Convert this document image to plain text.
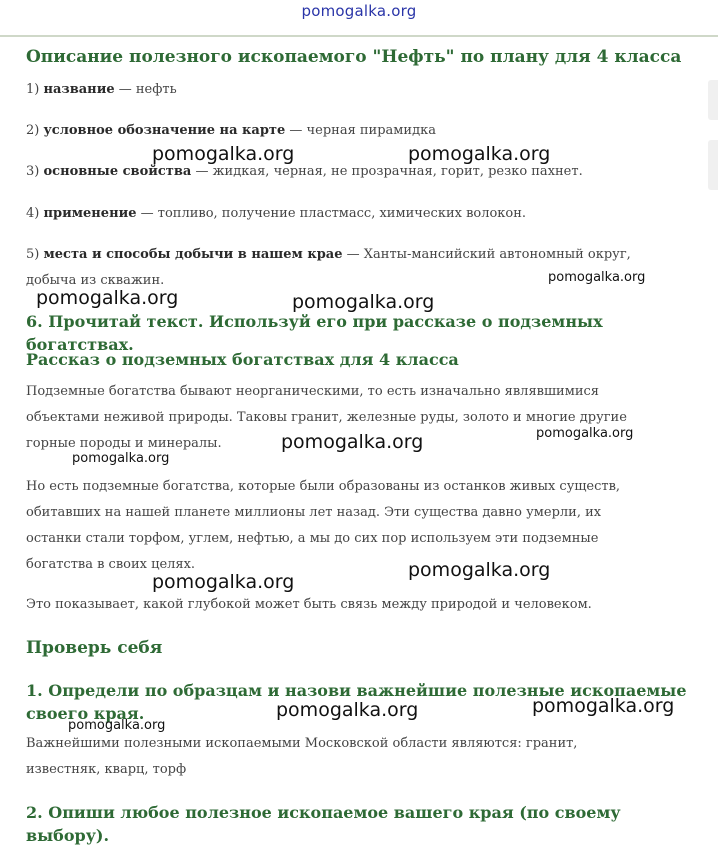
pomogalka.org
Описание полезного ископаемого "Нефть" по плану для 4 класса

1) название — нефть

2) условное обозначение на карте — черная пирамидка

3) основные свойства — жидкая, черная, не прозрачная, горит, резко пахнет.

4) применение — топливо, получение пластмасс, химических волокон.

5) места и способы добычи в нашем крае — Ханты-мансийский автономный округ,
добыча из скважин.

6. Прочитай текст. Используй его при рассказе о подземных богатствах.
Рассказ о подземных богатствах для 4 класса

Подземные богатства бывают неорганическими, то есть изначально являвшимися

объектами неживой природы. Таковы гранит, железные руды, золото и многие другие

горные породы и минералы.

Но есть подземные богатства, которые были образованы из останков живых существ,

обитавших на нашей планете миллионы лет назад. Эти существа давно умерли, их

останки стали торфом, углем, нефтью, а мы до сих пор используем эти подземные

богатства в своих целях.

Это показывает, какой глубокой может быть связь между природой и человеком.

Проверь себя
1. Определи по образцам и назови важнейшие полезные ископаемые
своего края.

Важнейшими полезными ископаемыми Московской области являются: гранит,

известняк, кварц, торф

2. Опиши любое полезное ископаемое вашего края (по своему
выбору).
pomogalka.org	pomogalka.org
pomogalka.org
pomogalka.org	pomogalka.org
pomogalka.org	pomogalka.org
pomogalka.org
pomogalka.org
pomogalka.org
pomogalka.org
pomogalka.org
pomogalka.org
